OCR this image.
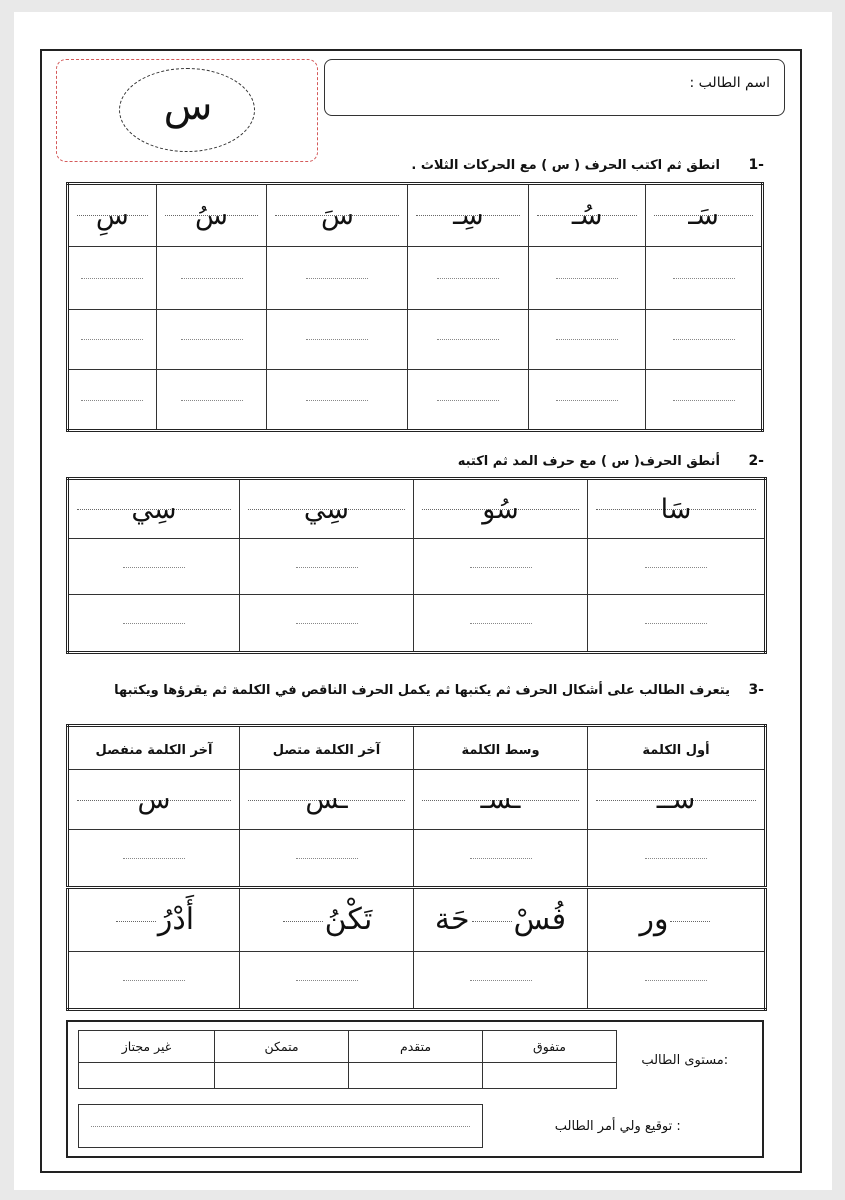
اسم الطالب :
س
1-
انطق ثم اكتب الحرف ( س ) مع الحركات الثلاث .
سِ	سُ	سَ	سِـ	سُـ	سَـ

2-
أنطق الحرف( س ) مع حرف المد ثم اكتبه
سِي	سِي	سُو	سَا

3-
يتعرف الطالب على أشكال الحرف ثم يكتبها ثم يكمل الحرف الناقص في الكلمة ثم يقرؤها ويكتبها
آخر الكلمة منفصل	آخر الكلمة متصل	وسط الكلمة	أول الكلمة

س	ـس	ـسـ	ســ

أَدْرُ	تَكْنُ	فُسْحَة	ور

غير مجتاز	متمكن	متقدم	متفوق	مستوى الطالب:

	توقيع ولي أمر الطالب :
